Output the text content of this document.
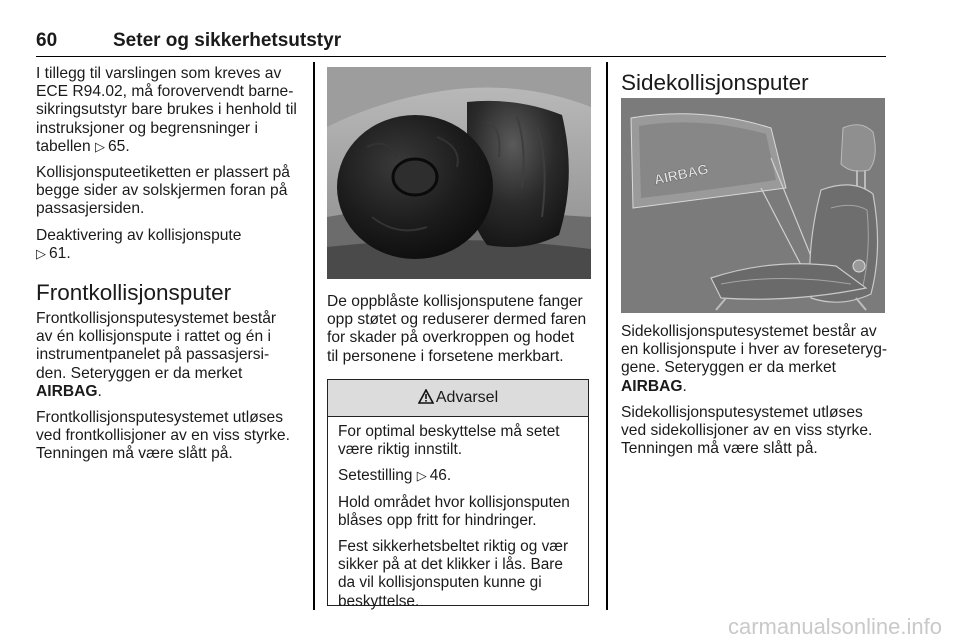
60	Seter og sikkerhetsutstyr

I tillegg til varslingen som kreves av
ECE R94.02, må forovervendt barne-
sikringsutstyr bare brukes i henhold til
instruksjoner og begrensninger i
tabellen ▷ 65.

Kollisjonsputeetiketten er plassert på
begge sider av solskjermen foran på
passasjersiden.

Deaktivering av kollisjonspute
▷ 61.

Frontkollisjonsputer

Frontkollisjonsputesystemet består
av én kollisjonspute i rattet og én i
instrumentpanelet på passasjersi-
den. Seteryggen er da merket
AIRBAG.

Frontkollisjonsputesystemet utløses
ved frontkollisjoner av en viss styrke.
Tenningen må være slått på.

De oppblåste kollisjonsputene fanger
opp støtet og reduserer dermed faren
for skader på overkroppen og hodet
til personene i forsetene merkbart.

Advarsel

For optimal beskyttelse må setet
være riktig innstilt.

Setestilling ▷ 46.

Hold området hvor kollisjonsputen
blåses opp fritt for hindringer.

Fest sikkerhetsbeltet riktig og vær
sikker på at det klikker i lås. Bare
da vil kollisjonsputen kunne gi
beskyttelse.

Sidekollisjonsputer
AIRBAG

Sidekollisjonsputesystemet består av
en kollisjonspute i hver av foreseteryg-
gene. Seteryggen er da merket
AIRBAG.

Sidekollisjonsputesystemet utløses
ved sidekollisjoner av en viss styrke.
Tenningen må være slått på.

carmanualsonline.info
